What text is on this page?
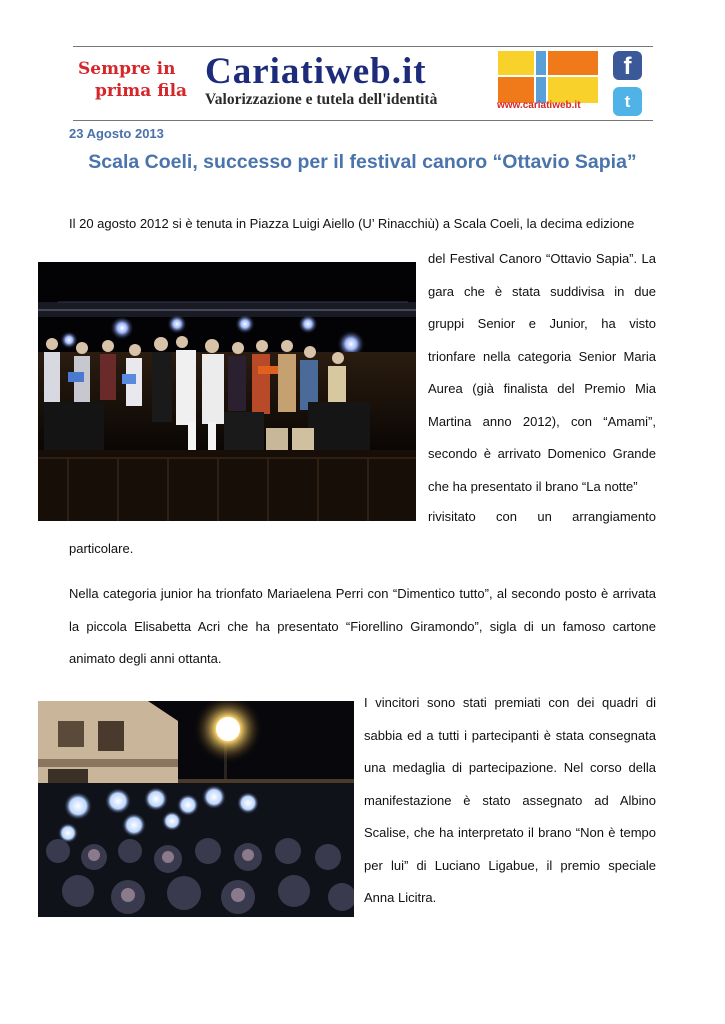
Sempre in
prima fila Cariatiweb.it
Valorizzazione e tutela dell'identità	www.cariatiweb.it
f
t
23 Agosto 2013
Scala Coeli, successo per il festival canoro “Ottavio Sapia”
Il 20 agosto 2012 si è tenuta in Piazza Luigi Aiello (U’ Rinacchiù) a Scala Coeli, la decima edizione
del Festival Canoro “Ottavio Sapia”. La gara che è stata suddivisa in due gruppi Senior e Junior, ha visto trionfare nella categoria Senior Maria Aurea (già finalista del Premio Mia Martina anno 2012), con “Amami”, secondo è arrivato Domenico Grande che ha presentato il brano “La notte”
rivisitato con un arrangiamento
particolare.
Nella categoria junior ha trionfato Mariaelena Perri con “Dimentico tutto”, al secondo posto è arrivata la piccola Elisabetta Acri che ha presentato “Fiorellino Giramondo”, sigla di un famoso cartone animato degli anni ottanta.
I vincitori sono stati premiati con dei quadri di sabbia ed a tutti i partecipanti è stata consegnata una medaglia di partecipazione. Nel corso della manifestazione è stato assegnato ad Albino Scalise, che ha interpretato il brano “Non è tempo per lui” di Luciano Ligabue, il premio speciale Anna Licitra.
